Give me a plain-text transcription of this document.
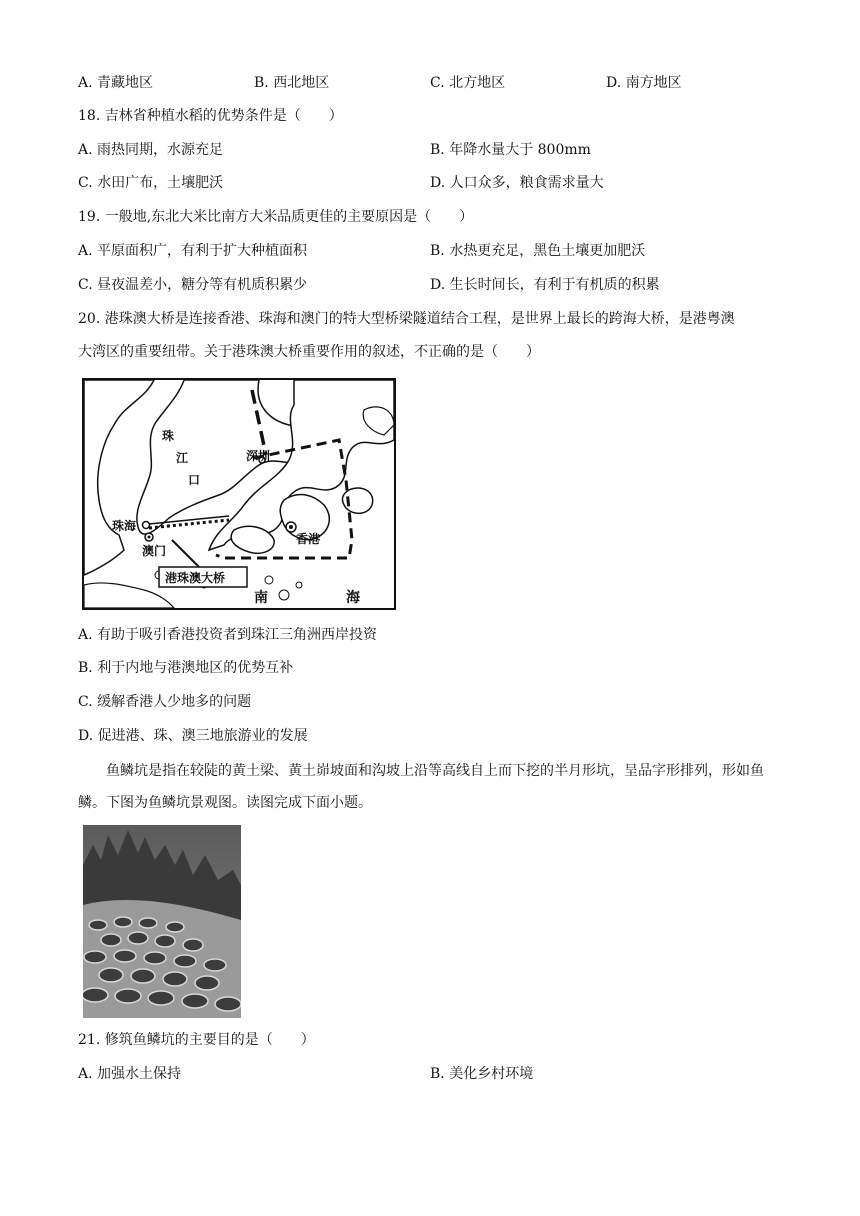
A. 青藏地区	B. 西北地区	C. 北方地区	D. 南方地区
18. 吉林省种植水稻的优势条件是（　　）
A. 雨热同期，水源充足	B. 年降水量大于 800mm
C. 水田广布，土壤肥沃	D. 人口众多，粮食需求量大
19. 一般地,东北大米比南方大米品质更佳的主要原因是（　　）
A. 平原面积广，有利于扩大种植面积	B. 水热更充足，黑色土壤更加肥沃
C. 昼夜温差小，糖分等有机质积累少	D. 生长时间长，有利于有机质的积累
20. 港珠澳大桥是连接香港、珠海和澳门的特大型桥梁隧道结合工程，是世界上最长的跨海大桥，是港粤澳
大湾区的重要纽带。关于港珠澳大桥重要作用的叙述，不正确的是（　　）
珠
江
口
深圳
珠海
澳门
香港
港珠澳大桥
南	海
A. 有助于吸引香港投资者到珠江三角洲西岸投资
B. 利于内地与港澳地区的优势互补
C. 缓解香港人少地多的问题
D. 促进港、珠、澳三地旅游业的发展
鱼鳞坑是指在较陡的黄土梁、黄土峁坡面和沟坡上沿等高线自上而下挖的半月形坑，呈品字形排列，形如鱼鳞。下图为鱼鳞坑景观图。读图完成下面小题。
21. 修筑鱼鳞坑的主要目的是（　　）
A. 加强水土保持	B. 美化乡村环境
